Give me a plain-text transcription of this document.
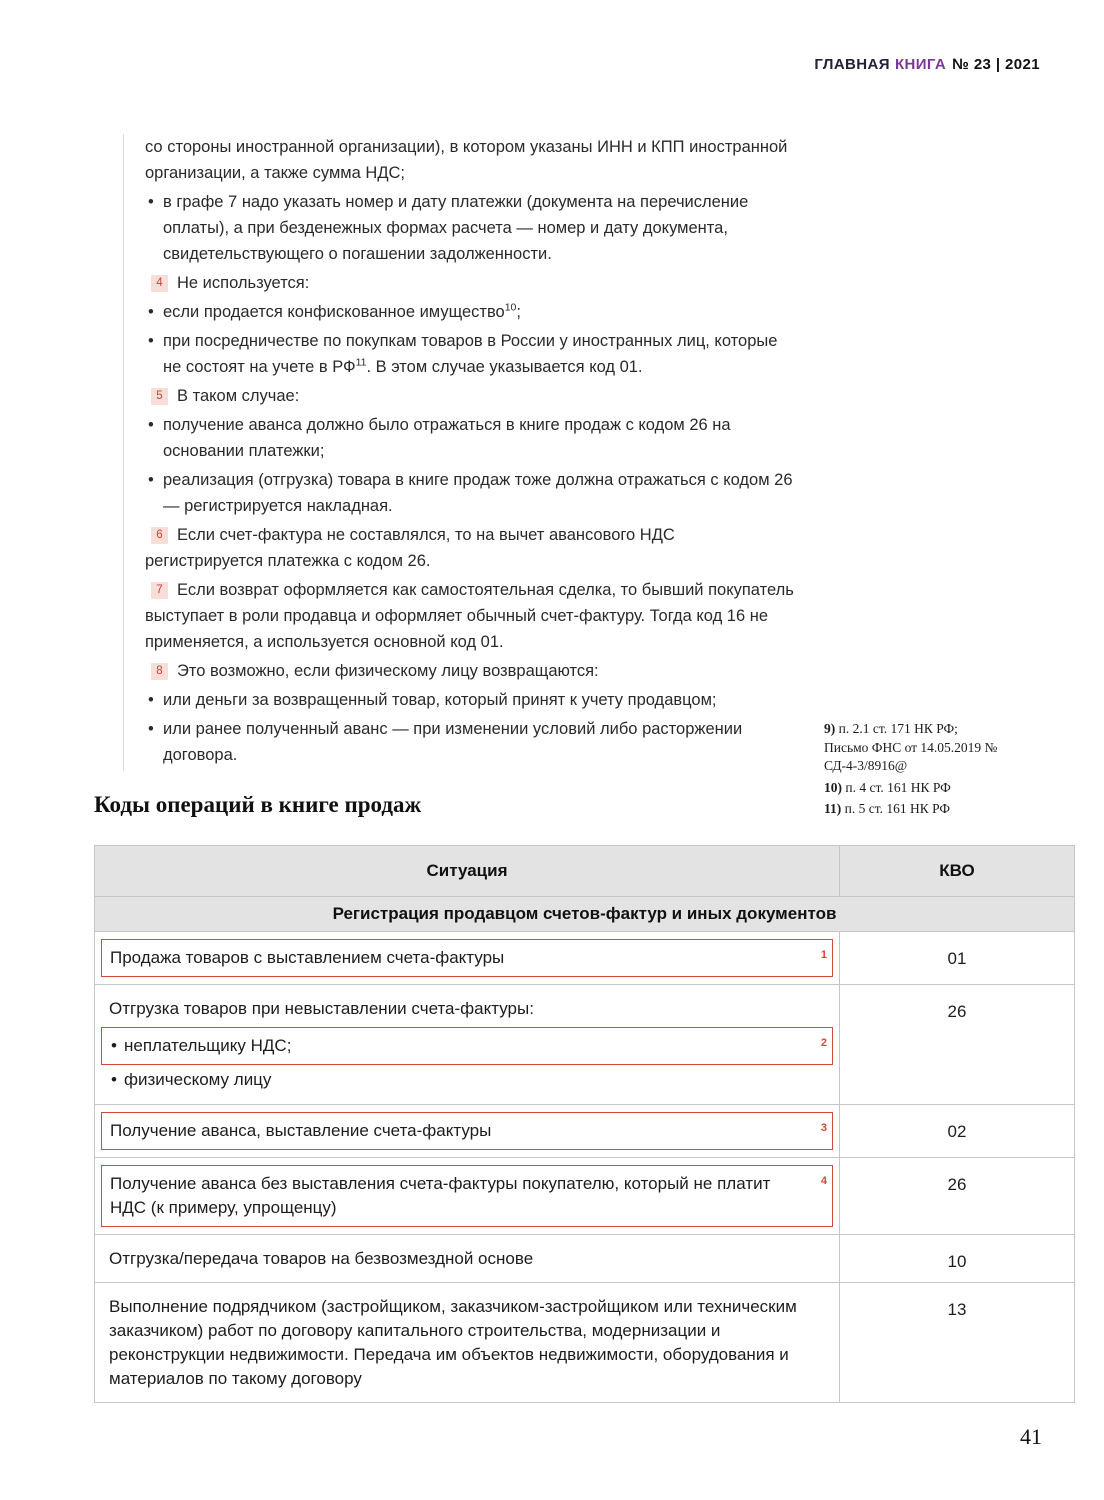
ГЛАВНАЯ КНИГА № 23 | 2021

со стороны иностранной организации), в котором указаны ИНН и КПП иностранной организации, а также сумма НДС;

• в графе 7 надо указать номер и дату платежки (документа на перечисление оплаты), а при безденежных формах расчета — номер и дату документа, свидетельствующего о погашении задолженности.

4 Не используется:

• если продается конфискованное имущество$^{10}$;

• при посредничестве по покупкам товаров в России у иностранных лиц, которые не состоят на учете в РФ$^{11}$. В этом случае указывается код 01.

5 В таком случае:

• получение аванса должно было отражаться в книге продаж с кодом 26 на основании платежки;

• реализация (отгрузка) товара в книге продаж тоже должна отражаться с кодом 26 — регистрируется накладная.

6 Если счет-фактура не составлялся, то на вычет авансового НДС регистрируется платежка с кодом 26.

7 Если возврат оформляется как самостоятельная сделка, то бывший покупатель выступает в роли продавца и оформляет обычный счет-фактуру. Тогда код 16 не применяется, а используется основной код 01.

8 Это возможно, если физическому лицу возвращаются:

• или деньги за возвращенный товар, который принят к учету продавцом;

• или ранее полученный аванс — при изменении условий либо расторжении договора.

9) п. 2.1 ст. 171 НК РФ;
Письмо ФНС от 14.05.2019 № СД-4-3/8916@

10) п. 4 ст. 161 НК РФ

11) п. 5 ст. 161 НК РФ

Коды операций в книге продаж
Ситуация	КВО
Регистрация продавцом счетов-фактур и иных документов	

Продажа товаров с выставлением счета-фактуры 1	01

Отгрузка товаров при невыставлении счета-фактуры:
• неплательщику НДС; 2
• физическому лицу	26

Получение аванса, выставление счета-фактуры 3	02

Получение аванса без выставления счета-фактуры покупателю, который не платит НДС (к примеру, упрощенцу)
4	26

Отгрузка/передача товаров на безвозмездной основе	10

Выполнение подрядчиком (застройщиком, заказчиком-застройщиком или техническим заказчиком) работ по договору капитального строительства, модернизации и реконструкции недвижимости. Передача им объектов недвижимости, оборудования и материалов по такому договору	13
41
